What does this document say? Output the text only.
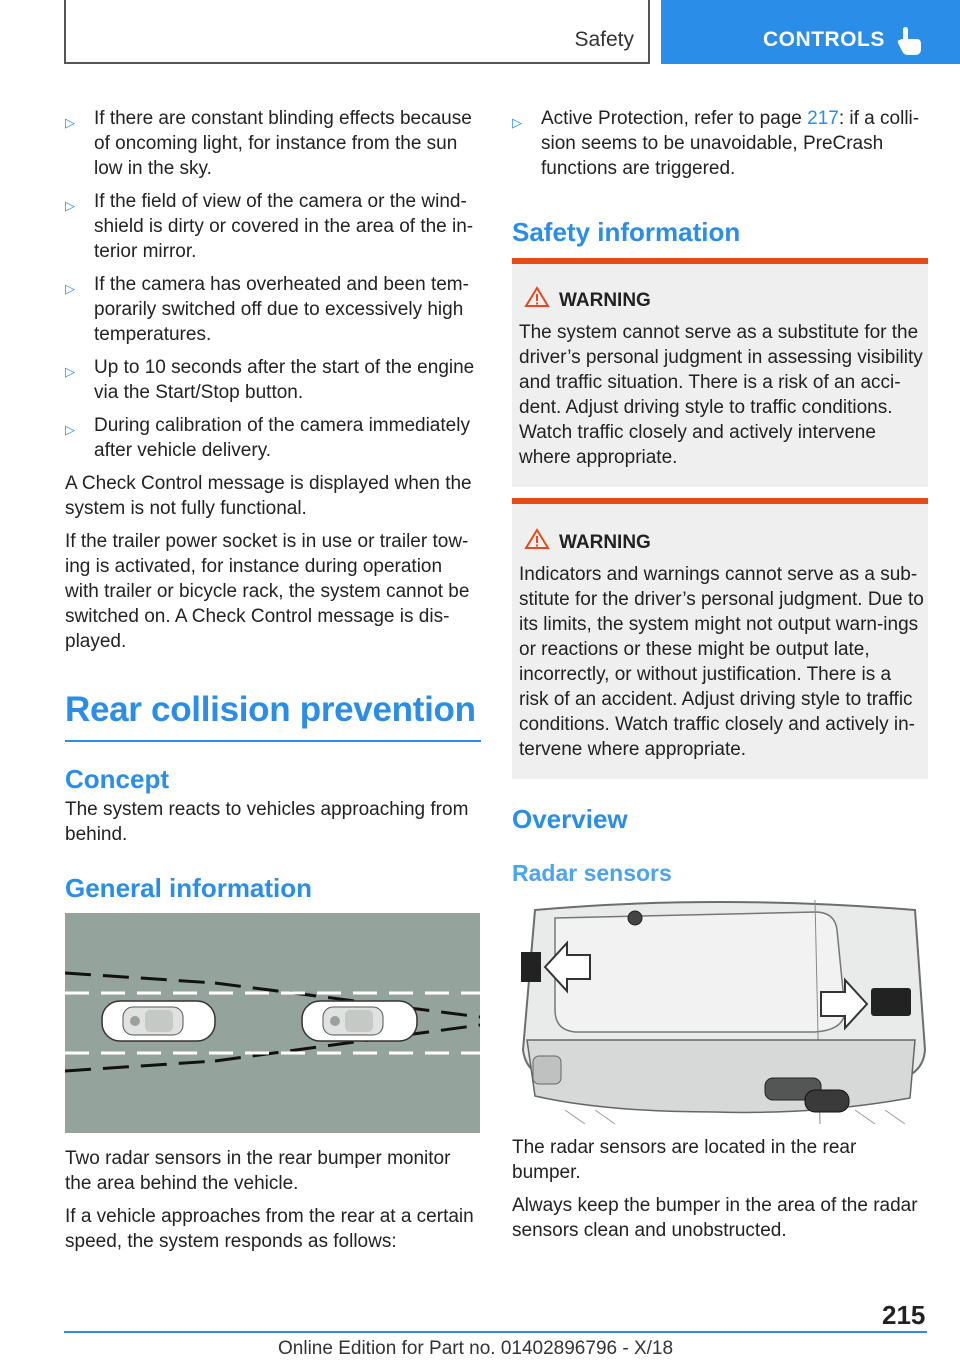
Safety	CONTROLS
▷ If there are constant blinding effects because of oncoming light, for instance from the sun low in the sky.
▷ If the field of view of the camera or the wind‐shield is dirty or covered in the area of the in‐terior mirror.
▷ If the camera has overheated and been tem‐porarily switched off due to excessively high temperatures.
▷ Up to 10 seconds after the start of the engine via the Start/Stop button.
▷ During calibration of the camera immediately after vehicle delivery.

A Check Control message is displayed when the system is not fully functional.

If the trailer power socket is in use or trailer tow‐ing is activated, for instance during operation with trailer or bicycle rack, the system cannot be switched on. A Check Control message is dis‐played.

Rear collision prevention
Concept

The system reacts to vehicles approaching from behind.

General information

Two radar sensors in the rear bumper monitor the area behind the vehicle.

If a vehicle approaches from the rear at a certain speed, the system responds as follows:

▷ Active Protection, refer to page 217: if a colli‐sion seems to be unavoidable, PreCrash functions are triggered.
Safety information
WARNING

The system cannot serve as a substitute for the driver’s personal judgment in assessing visibility and traffic situation. There is a risk of an acci‐dent. Adjust driving style to traffic conditions. Watch traffic closely and actively intervene where appropriate.

WARNING

Indicators and warnings cannot serve as a sub‐stitute for the driver’s personal judgment. Due to its limits, the system might not output warn‐ings or reactions or these might be output late, incorrectly, or without justification. There is a risk of an accident. Adjust driving style to traffic conditions. Watch traffic closely and actively in‐tervene where appropriate.

Overview
Radar sensors

The radar sensors are located in the rear bumper.

Always keep the bumper in the area of the radar sensors clean and unobstructed.

215
Online Edition for Part no. 01402896796 - X/18
